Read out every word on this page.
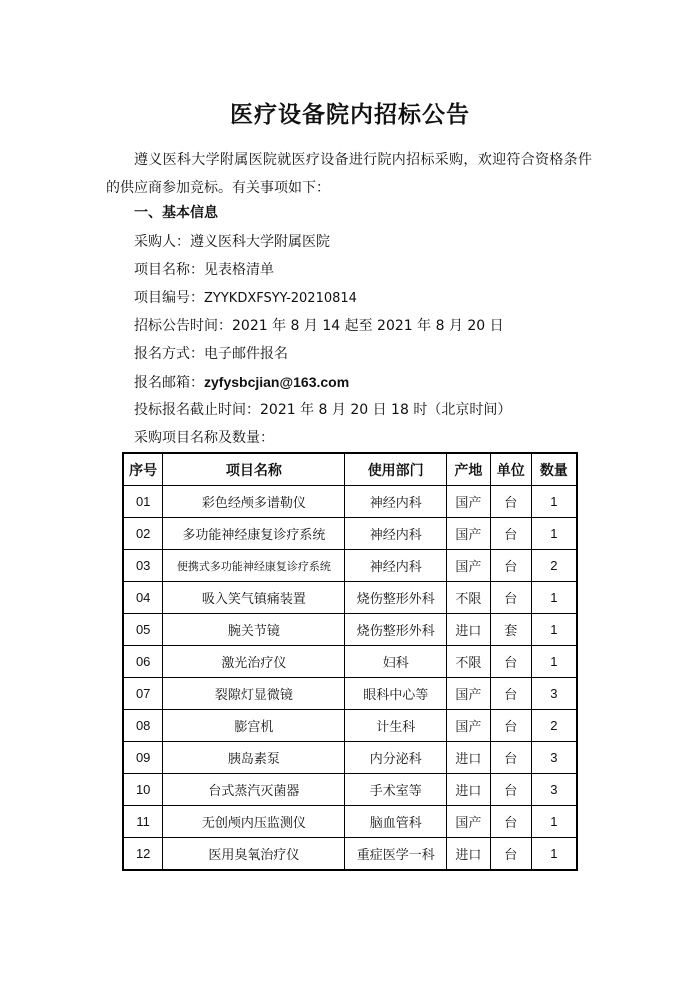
医疗设备院内招标公告
遵义医科大学附属医院就医疗设备进行院内招标采购，欢迎符合资格条件的供应商参加竞标。有关事项如下：
一、基本信息
采购人：遵义医科大学附属医院
项目名称：见表格清单
项目编号：ZYYKDXFSYY-20210814
招标公告时间：2021 年 8 月 14 起至 2021 年 8 月 20 日
报名方式：电子邮件报名
报名邮箱：zyfysbcjian@163.com
投标报名截止时间：2021 年 8 月 20 日 18 时（北京时间）
采购项目名称及数量：
序号	项目名称	使用部门	产地	单位	数量
01	彩色经颅多谱勒仪	神经内科	国产	台	1
02	多功能神经康复诊疗系统	神经内科	国产	台	1
03	便携式多功能神经康复诊疗系统	神经内科	国产	台	2
04	吸入笑气镇痛装置	烧伤整形外科	不限	台	1
05	腕关节镜	烧伤整形外科	进口	套	1
06	激光治疗仪	妇科	不限	台	1
07	裂隙灯显微镜	眼科中心等	国产	台	3
08	膨宫机	计生科	国产	台	2
09	胰岛素泵	内分泌科	进口	台	3
10	台式蒸汽灭菌器	手术室等	进口	台	3
11	无创颅内压监测仪	脑血管科	国产	台	1
12	医用臭氧治疗仪	重症医学一科	进口	台	1
